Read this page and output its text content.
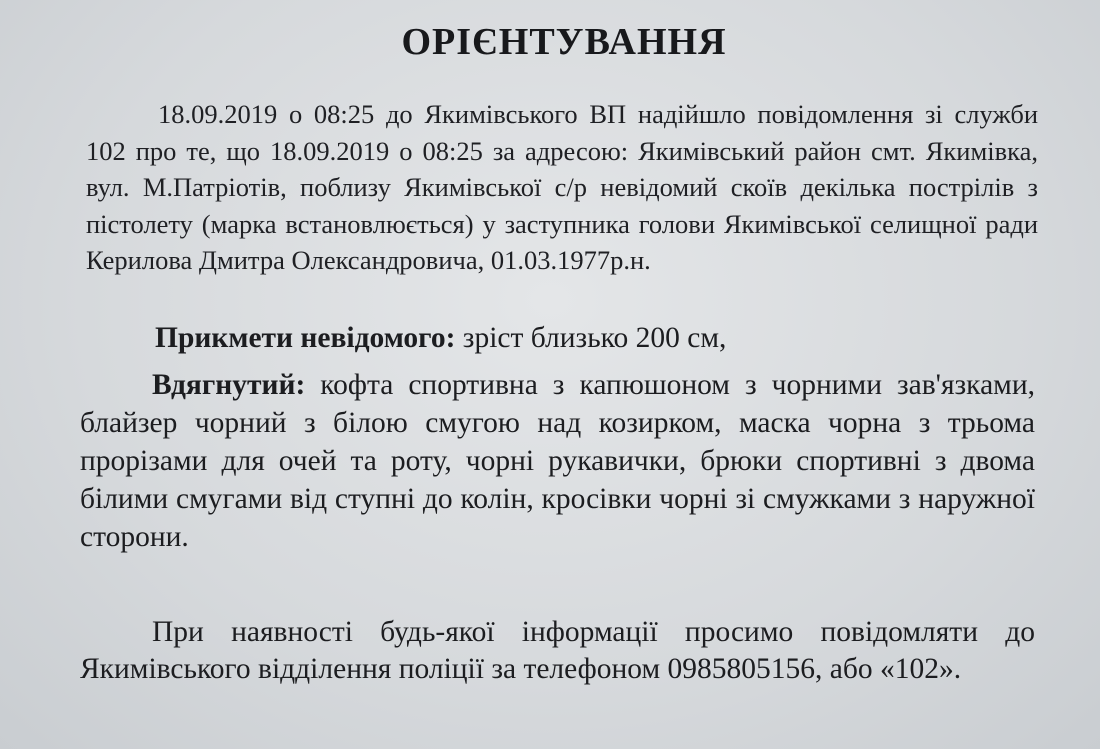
ОРІЄНТУВАННЯ
18.09.2019 о 08:25 до Якимівського ВП надійшло повідомлення зі служби 102 про те, що 18.09.2019 о 08:25 за адресою: Якимівський район смт. Якимівка, вул. М.Патріотів, поблизу Якимівської с/р невідомий скоїв декілька пострілів з пістолету (марка встановлюється) у заступника голови Якимівської селищної ради Керилова Дмитра Олександровича, 01.03.1977р.н.
Прикмети невідомого: зріст близько 200 см,
Вдягнутий: кофта спортивна з капюшоном з чорними зав'язками, блайзер чорний з білою смугою над козирком, маска чорна з трьома прорізами для очей та роту, чорні рукавички, брюки спортивні з двома білими смугами від ступні до колін, кросівки чорні зі смужками з наружної сторони.
При наявності будь-якої інформації просимо повідомляти до Якимівського відділення поліції за телефоном 0985805156, або «102».
